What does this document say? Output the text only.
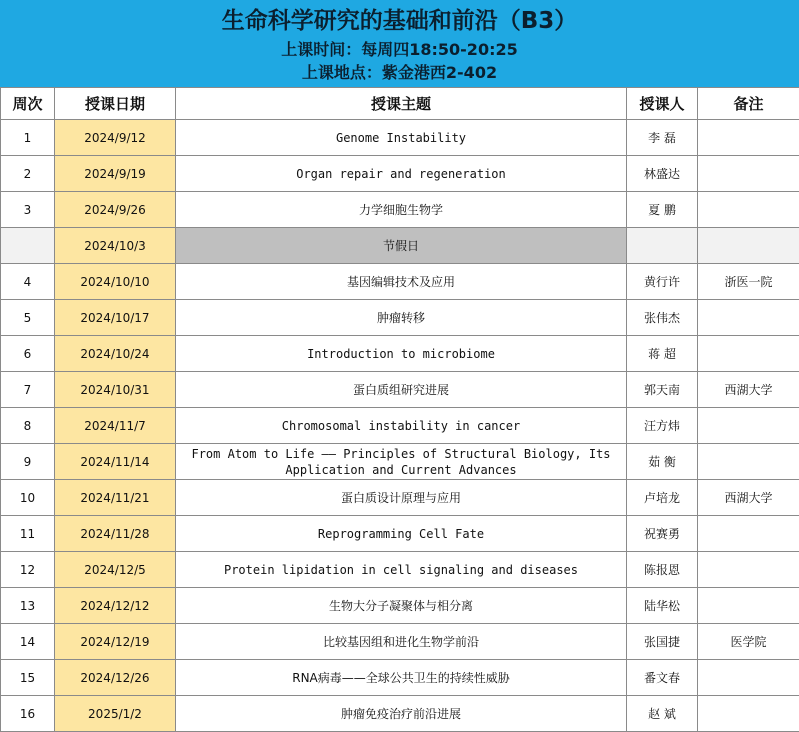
生命科学研究的基础和前沿（B3）
上课时间：每周四18:50-20:25
上课地点：紫金港西2-402
周次	授课日期	授课主题	授课人	备注
1	2024/9/12	Genome Instability	李 磊	
2	2024/9/19	Organ repair and regeneration	林盛达	
3	2024/9/26	力学细胞生物学	夏 鹏	
	2024/10/3	节假日		
4	2024/10/10	基因编辑技术及应用	黄行许	浙医一院
5	2024/10/17	肿瘤转移	张伟杰	
6	2024/10/24	Introduction to microbiome	蒋 超	
7	2024/10/31	蛋白质组研究进展	郭天南	西湖大学
8	2024/11/7	Chromosomal instability in cancer	汪方炜	
9	2024/11/14	From Atom to Life —— Principles of Structural Biology, Its Application and Current Advances	茹 衡	
10	2024/11/21	蛋白质设计原理与应用	卢培龙	西湖大学
11	2024/11/28	Reprogramming Cell Fate	祝赛勇	
12	2024/12/5	Protein lipidation in cell signaling and diseases	陈报恩	
13	2024/12/12	生物大分子凝聚体与相分离	陆华松	
14	2024/12/19	比较基因组和进化生物学前沿	张国捷	医学院
15	2024/12/26	RNA病毒——全球公共卫生的持续性威胁	番文春	
16	2025/1/2	肿瘤免疫治疗前沿进展	赵 斌	
